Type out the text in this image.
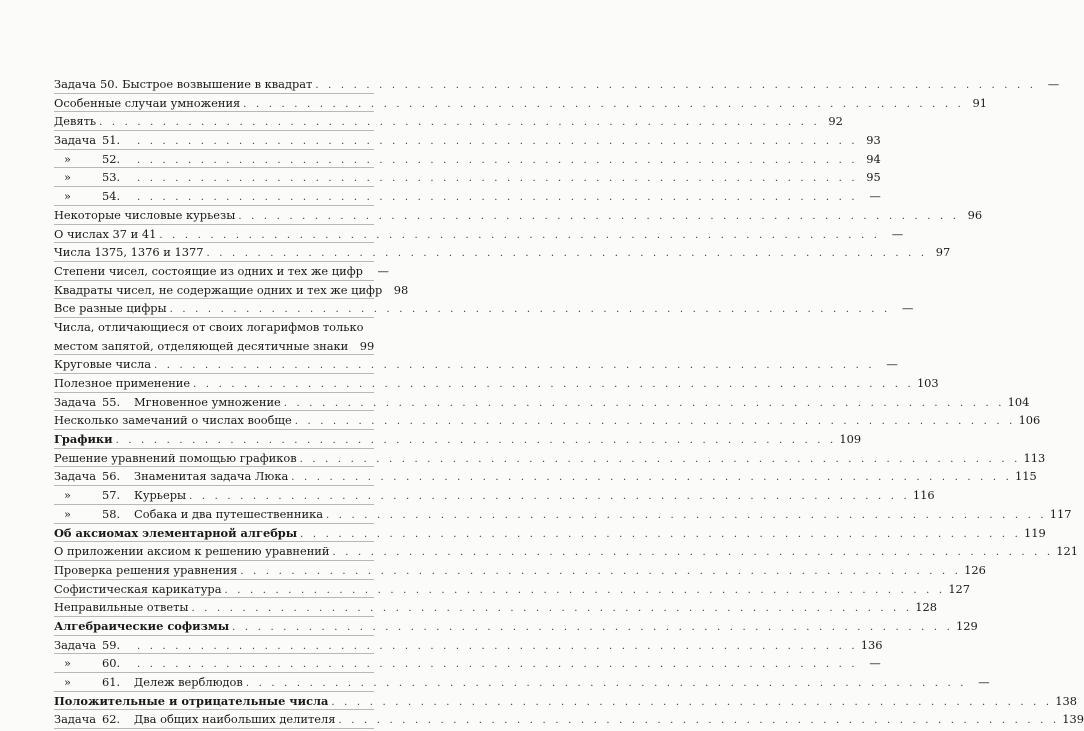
Задача 50. Быстрое возвышение в квадрат . . .	—
Особенные случаи умножения . . .	91
Девять . . .	92
Задача 51. . . .	93
»	52. . . .	94
»	53. . . .	95
»	54. . . .	—
Некоторые числовые курьезы . . .	96
О числах 37 и 41 . . .	—
Числа 1375, 1376 и 1377 . . .	97
Степени чисел, состоящие из одних и тех же цифр	—
Квадраты чисел, не содержащие одних и тех же цифр	98
Все разные цифры . . .	—
Числа, отличающиеся от своих логарифмов только
местом запятой, отделяющей десятичные знаки	99
Круговые числа . . .	—
Полезное применение . . .	103
Задача 55.	Мгновенное умножение . . .	104
Несколько замечаний о числах вообще . . .	106
Графики . . .	109
Решение уравнений помощью графиков . . .	113
Задача 56.	Знаменитая задача Люка . . .	115
»	57.	Курьеры . . .	116
»	58.	Собака и два путешественника . . .	117
Об аксиомах элементарной алгебры . . .	119
О приложении аксиом к решению уравнений . . .	121
Проверка решения уравнения . . .	126
Софистическая карикатура . . .	127
Неправильные ответы . . .	128
Алгебраические софизмы . . .	129
Задача 59. . . .	136
»	60. . . .	—
»	61.	Дележ верблюдов . . .	—
Положительные и отрицательные числа . . .	138
Задача 62.	Два общих наибольших делителя . . .	139
